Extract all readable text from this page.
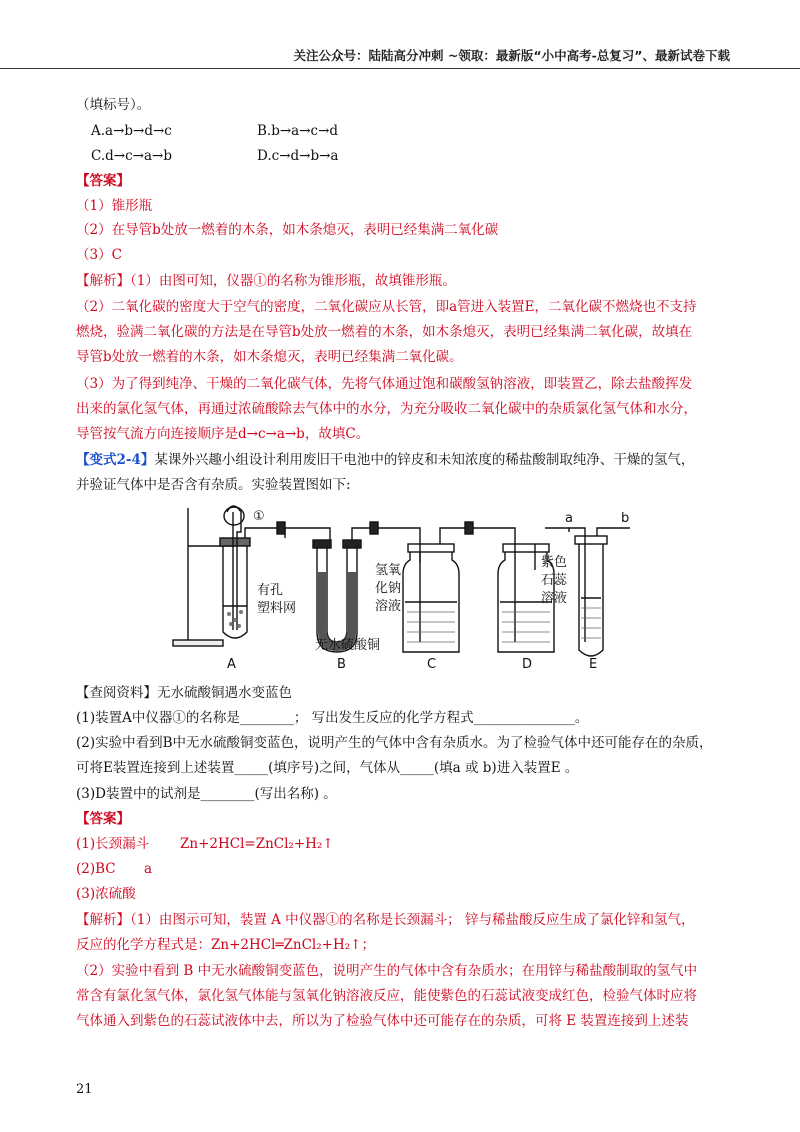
关注公众号：陆陆高分冲刺 ~领取：最新版“小中高考-总复习”、最新试卷下载
（填标号）。
A.a→b→d→c	B.b→a→c→d
C.d→c→a→b	D.c→d→b→a
【答案】
（1）锥形瓶
（2）在导管b处放一燃着的木条，如木条熄灭，表明已经集满二氧化碳
（3）C
【解析】（1）由图可知，仪器①的名称为锥形瓶，故填锥形瓶。
（2）二氧化碳的密度大于空气的密度，二氧化碳应从长管，即a管进入装置E，二氧化碳不燃烧也不支持
燃烧，验满二氧化碳的方法是在导管b处放一燃着的木条，如木条熄灭，表明已经集满二氧化碳，故填在
导管b处放一燃着的木条，如木条熄灭，表明已经集满二氧化碳。
（3）为了得到纯净、干燥的二氧化碳气体，先将气体通过饱和碳酸氢钠溶液，即装置乙，除去盐酸挥发
出来的氯化氢气体，再通过浓硫酸除去气体中的水分，为充分吸收二氧化碳中的杂质氯化氢气体和水分，
导管按气流方向连接顺序是d→c→a→b，故填C。
【变式2-4】某课外兴趣小组设计利用废旧干电池中的锌皮和未知浓度的稀盐酸制取纯净、干燥的氢气，
并验证气体中是否含有杂质。实验装置图如下:
①
有孔
塑料网
无水硫酸铜
氢氧
化钠
溶液
紫色
石蕊
溶液
a	b
A	B	C	D	E
【查阅资料】无水硫酸铜遇水变蓝色
(1)装置A中仪器①的名称是________； 写出发生反应的化学方程式_______________。
(2)实验中看到B中无水硫酸铜变蓝色，说明产生的气体中含有杂质水。为了检验气体中还可能存在的杂质，
可将E装置连接到上述装置_____(填序号)之间，气体从_____(填a 或 b)进入装置E 。
(3)D装置中的试剂是________(写出名称) 。
【答案】
(1)长颈漏斗 Zn+2HCl=ZnCl₂+H₂↑
(2)BC a
(3)浓硫酸
【解析】（1）由图示可知，装置 A 中仪器①的名称是长颈漏斗； 锌与稀盐酸反应生成了氯化锌和氢气，
反应的化学方程式是：Zn+2HCl═ZnCl₂+H₂↑；
（2）实验中看到 B 中无水硫酸铜变蓝色，说明产生的气体中含有杂质水；在用锌与稀盐酸制取的氢气中
常含有氯化氢气体，氯化氢气体能与氢氧化钠溶液反应，能使紫色的石蕊试液变成红色，检验气体时应将
气体通入到紫色的石蕊试液体中去，所以为了检验气体中还可能存在的杂质，可将 E 装置连接到上述装
21
